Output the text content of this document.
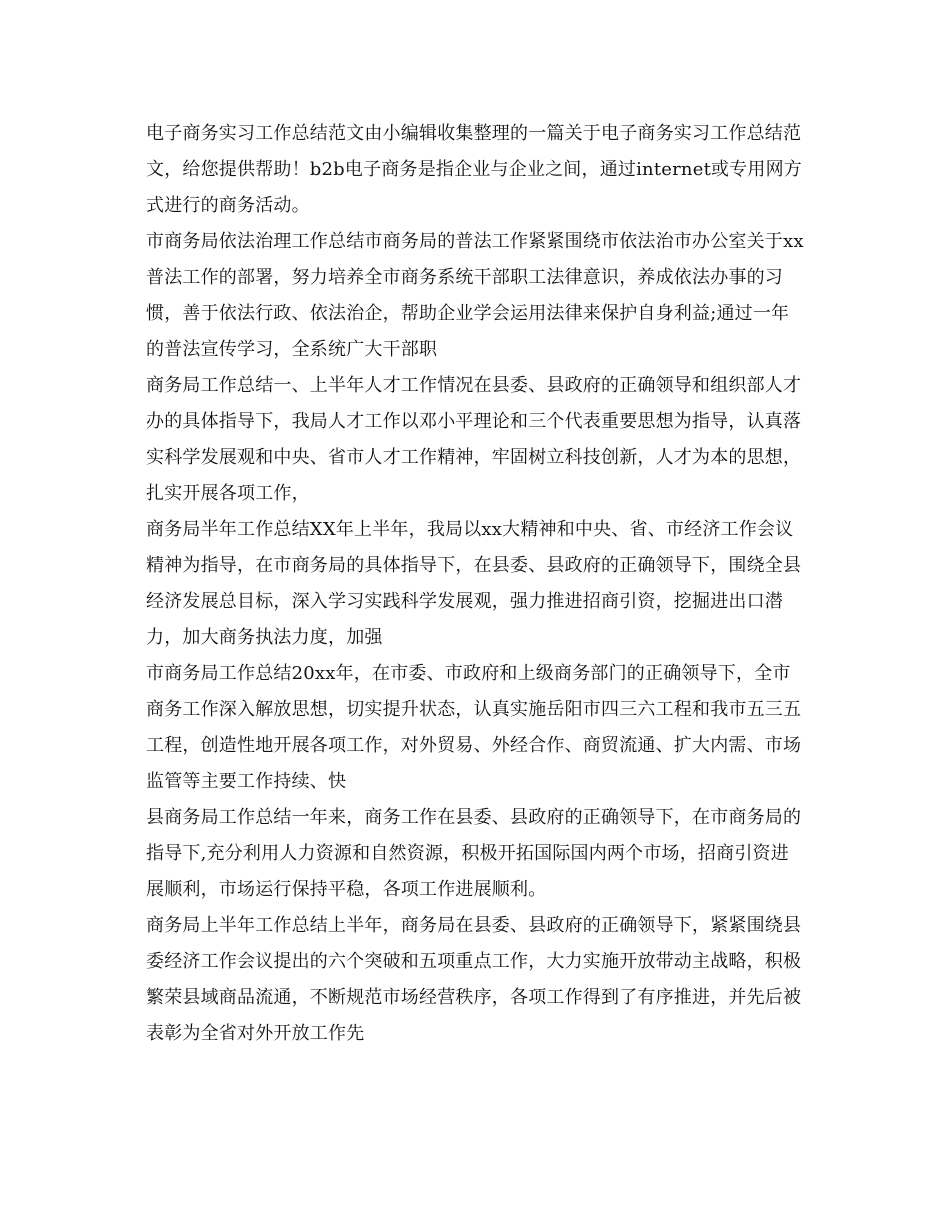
电子商务实习工作总结范文由小编辑收集整理的一篇关于电子商务实习工作总结范文，给您提供帮助！b2b电子商务是指企业与企业之间，通过internet或专用网方式进行的商务活动。

市商务局依法治理工作总结市商务局的普法工作紧紧围绕市依法治市办公室关于xx普法工作的部署，努力培养全市商务系统干部职工法律意识，养成依法办事的习惯，善于依法行政、依法治企，帮助企业学会运用法律来保护自身利益;通过一年的普法宣传学习，全系统广大干部职

商务局工作总结一、上半年人才工作情况在县委、县政府的正确领导和组织部人才办的具体指导下，我局人才工作以邓小平理论和三个代表重要思想为指导，认真落实科学发展观和中央、省市人才工作精神，牢固树立科技创新，人才为本的思想，扎实开展各项工作，

商务局半年工作总结XX年上半年，我局以xx大精神和中央、省、市经济工作会议精神为指导，在市商务局的具体指导下，在县委、县政府的正确领导下，围绕全县经济发展总目标，深入学习实践科学发展观，强力推进招商引资，挖掘进出口潜力，加大商务执法力度，加强

市商务局工作总结20xx年，在市委、市政府和上级商务部门的正确领导下，全市商务工作深入解放思想，切实提升状态，认真实施岳阳市四三六工程和我市五三五工程，创造性地开展各项工作，对外贸易、外经合作、商贸流通、扩大内需、市场监管等主要工作持续、快

县商务局工作总结一年来，商务工作在县委、县政府的正确领导下，在市商务局的指导下,充分利用人力资源和自然资源，积极开拓国际国内两个市场，招商引资进展顺利，市场运行保持平稳，各项工作进展顺利。

商务局上半年工作总结上半年，商务局在县委、县政府的正确领导下，紧紧围绕县委经济工作会议提出的六个突破和五项重点工作，大力实施开放带动主战略，积极繁荣县域商品流通，不断规范市场经营秩序，各项工作得到了有序推进，并先后被表彰为全省对外开放工作先
